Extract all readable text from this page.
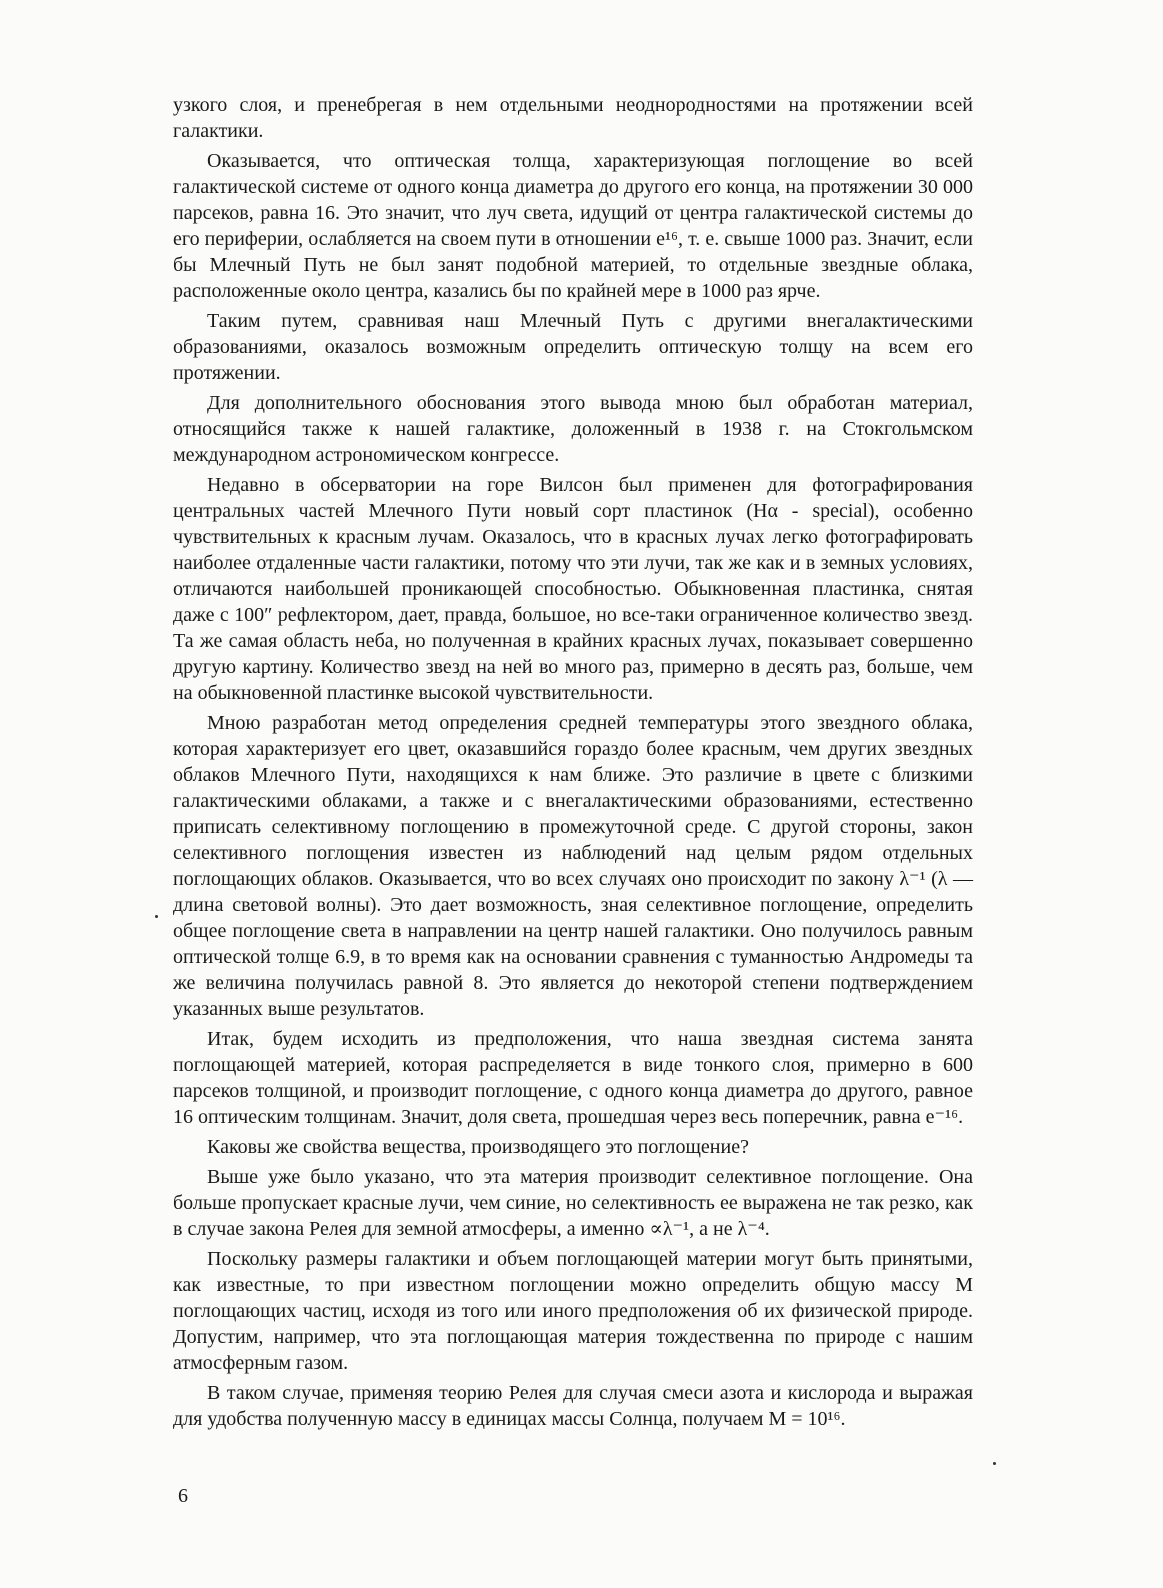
узкого слоя, и пренебрегая в нем отдельными неоднородностями на протяжении всей галактики.

Оказывается, что оптическая толща, характеризующая поглощение во всей галактической системе от одного конца диаметра до другого его конца, на протяжении 30 000 парсеков, равна 16. Это значит, что луч света, идущий от центра галактической системы до его периферии, ослабляется на своем пути в отношении e¹⁶, т. е. свыше 1000 раз. Значит, если бы Млечный Путь не был занят подобной материей, то отдельные звездные облака, расположенные около центра, казались бы по крайней мере в 1000 раз ярче.

Таким путем, сравнивая наш Млечный Путь с другими внегалактическими образованиями, оказалось возможным определить оптическую толщу на всем его протяжении.

Для дополнительного обоснования этого вывода мною был обработан материал, относящийся также к нашей галактике, доложенный в 1938 г. на Стокгольмском международном астрономическом конгрессе.

Недавно в обсерватории на горе Вилсон был применен для фотографирования центральных частей Млечного Пути новый сорт пластинок (Hα - special), особенно чувствительных к красным лучам. Оказалось, что в красных лучах легко фотографировать наиболее отдаленные части галактики, потому что эти лучи, так же как и в земных условиях, отличаются наибольшей проникающей способностью. Обыкновенная пластинка, снятая даже с 100″ рефлектором, дает, правда, большое, но все-таки ограниченное количество звезд. Та же самая область неба, но полученная в крайних красных лучах, показывает совершенно другую картину. Количество звезд на ней во много раз, примерно в десять раз, больше, чем на обыкновенной пластинке высокой чувствительности.

Мною разработан метод определения средней температуры этого звездного облака, которая характеризует его цвет, оказавшийся гораздо более красным, чем других звездных облаков Млечного Пути, находящихся к нам ближе. Это различие в цвете с близкими галактическими облаками, а также и с внегалактическими образованиями, естественно приписать селективному поглощению в промежуточной среде. С другой стороны, закон селективного поглощения известен из наблюдений над целым рядом отдельных поглощающих облаков. Оказывается, что во всех случаях оно происходит по закону λ⁻¹ (λ — длина световой волны). Это дает возможность, зная селективное поглощение, определить общее поглощение света в направлении на центр нашей галактики. Оно получилось равным оптической толще 6.9, в то время как на основании сравнения с туманностью Андромеды та же величина получилась равной 8. Это является до некоторой степени подтверждением указанных выше результатов.

Итак, будем исходить из предположения, что наша звездная система занята поглощающей материей, которая распределяется в виде тонкого слоя, примерно в 600 парсеков толщиной, и производит поглощение, с одного конца диаметра до другого, равное 16 оптическим толщинам. Значит, доля света, прошедшая через весь поперечник, равна e⁻¹⁶.

Каковы же свойства вещества, производящего это поглощение?

Выше уже было указано, что эта материя производит селективное поглощение. Она больше пропускает красные лучи, чем синие, но селективность ее выражена не так резко, как в случае закона Релея для земной атмосферы, а именно ∝λ⁻¹, а не λ⁻⁴.

Поскольку размеры галактики и объем поглощающей материи могут быть принятыми, как известные, то при известном поглощении можно определить общую массу M поглощающих частиц, исходя из того или иного предположения об их физической природе. Допустим, например, что эта поглощающая материя тождественна по природе с нашим атмосферным газом.

В таком случае, применяя теорию Релея для случая смеси азота и кислорода и выражая для удобства полученную массу в единицах массы Солнца, получаем M = 10¹⁶.

6
